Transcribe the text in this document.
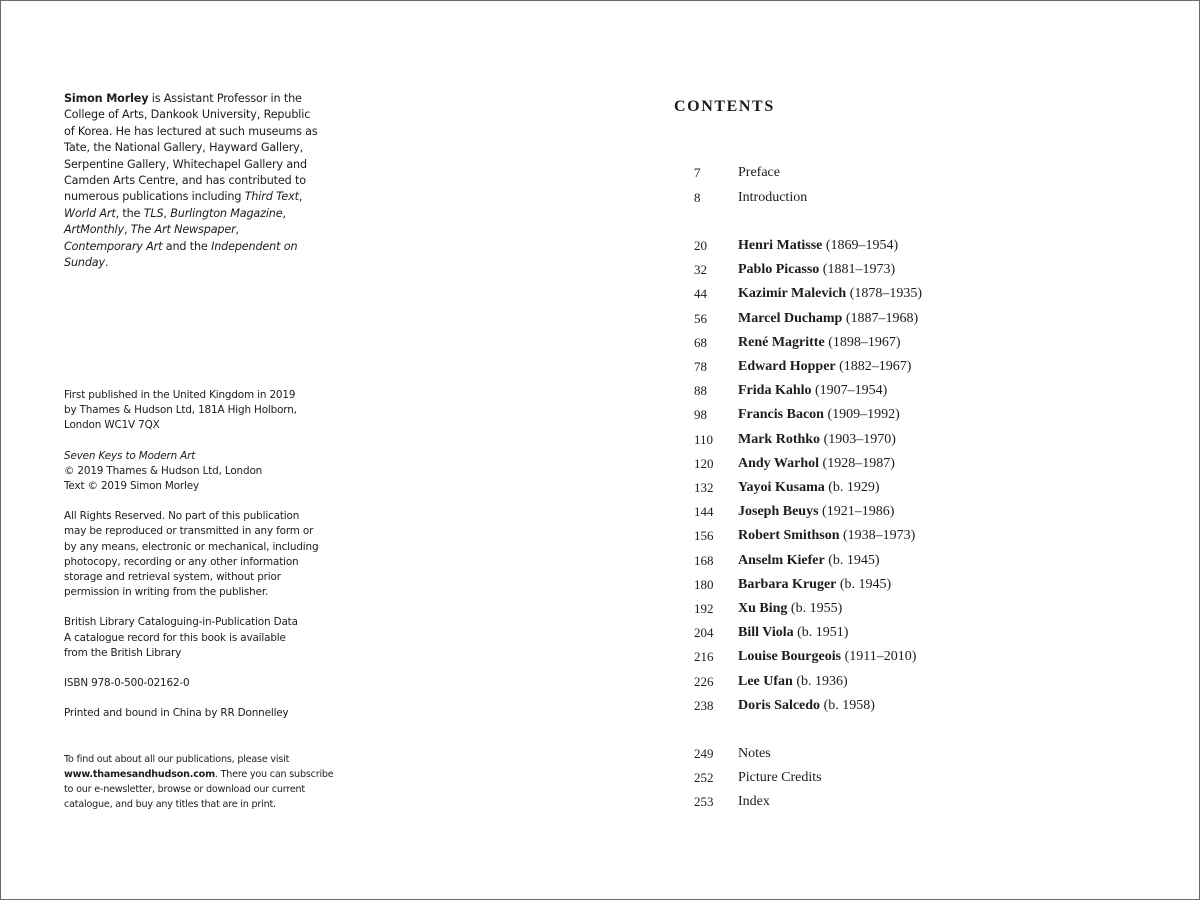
Simon Morley is Assistant Professor in the College of Arts, Dankook University, Republic of Korea. He has lectured at such museums as Tate, the National Gallery, Hayward Gallery, Serpentine Gallery, Whitechapel Gallery and Camden Arts Centre, and has contributed to numerous publications including Third Text, World Art, the TLS, Burlington Magazine, ArtMonthly, The Art Newspaper, Contemporary Art and the Independent on Sunday.

First published in the United Kingdom in 2019
by Thames & Hudson Ltd, 181A High Holborn,
London WC1V 7QX

Seven Keys to Modern Art
© 2019 Thames & Hudson Ltd, London
Text © 2019 Simon Morley

All Rights Reserved. No part of this publication
may be reproduced or transmitted in any form or
by any means, electronic or mechanical, including
photocopy, recording or any other information
storage and retrieval system, without prior
permission in writing from the publisher.

British Library Cataloguing-in-Publication Data
A catalogue record for this book is available
from the British Library

ISBN 978-0-500-02162-0

Printed and bound in China by RR Donnelley

To find out about all our publications, please visit
www.thamesandhudson.com. There you can subscribe
to our e-newsletter, browse or download our current
catalogue, and buy any titles that are in print.
CONTENTS
7	Preface
8	Introduction
20 Henri Matisse (1869–1954)
32 Pablo Picasso (1881–1973)
44 Kazimir Malevich (1878–1935)
56 Marcel Duchamp (1887–1968)
68 René Magritte (1898–1967)
78 Edward Hopper (1882–1967)
88 Frida Kahlo (1907–1954)
98 Francis Bacon (1909–1992)
110 Mark Rothko (1903–1970)
120 Andy Warhol (1928–1987)
132 Yayoi Kusama (b. 1929)
144 Joseph Beuys (1921–1986)
156 Robert Smithson (1938–1973)
168 Anselm Kiefer (b. 1945)
180 Barbara Kruger (b. 1945)
192 Xu Bing (b. 1955)
204 Bill Viola (b. 1951)
216 Louise Bourgeois (1911–2010)
226 Lee Ufan (b. 1936)
238 Doris Salcedo (b. 1958)
249 Notes
252 Picture Credits
253 Index
